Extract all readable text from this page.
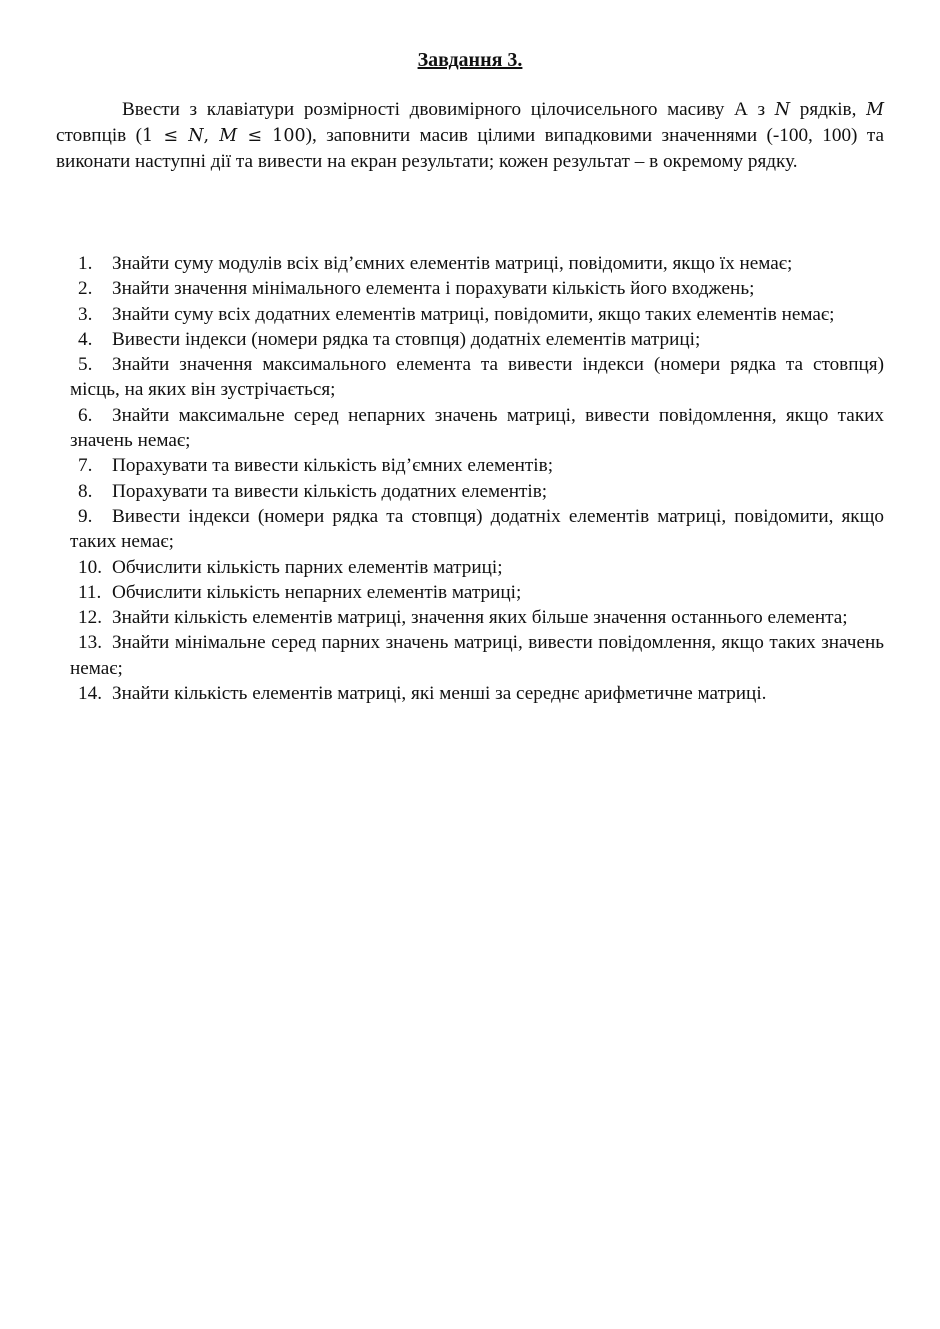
Завдання 3.

Ввести з клавіатури розмірності двовимірного цілочисельного масиву А з N рядків, M стовпців (1 ≤ N, M ≤ 100), заповнити масив цілими випадковими значеннями (-100, 100) та виконати наступні дії та вивести на екран результати; кожен результат – в окремому рядку.

1. Знайти суму модулів всіх від’ємних елементів матриці, повідомити, якщо їх немає;
2. Знайти значення мінімального елемента і порахувати кількість його входжень;
3. Знайти суму всіх додатних елементів матриці, повідомити, якщо таких елементів немає;
4. Вивести індекси (номери рядка та стовпця) додатніх елементів матриці;
5. Знайти значення максимального елемента та вивести індекси (номери рядка та стовпця) місць, на яких він зустрічається;
6. Знайти максимальне серед непарних значень матриці, вивести повідомлення, якщо таких значень немає;
7. Порахувати та вивести кількість від’ємних елементів;
8. Порахувати та вивести кількість додатних елементів;
9. Вивести індекси (номери рядка та стовпця) додатніх елементів матриці, повідомити, якщо таких немає;
10. Обчислити кількість парних елементів матриці;
11. Обчислити кількість непарних елементів матриці;
12. Знайти кількість елементів матриці, значення яких більше значення останнього елемента;
13. Знайти мінімальне серед парних значень матриці, вивести повідомлення, якщо таких значень немає;
14. Знайти кількість елементів матриці, які менші за середнє арифметичне матриці.
